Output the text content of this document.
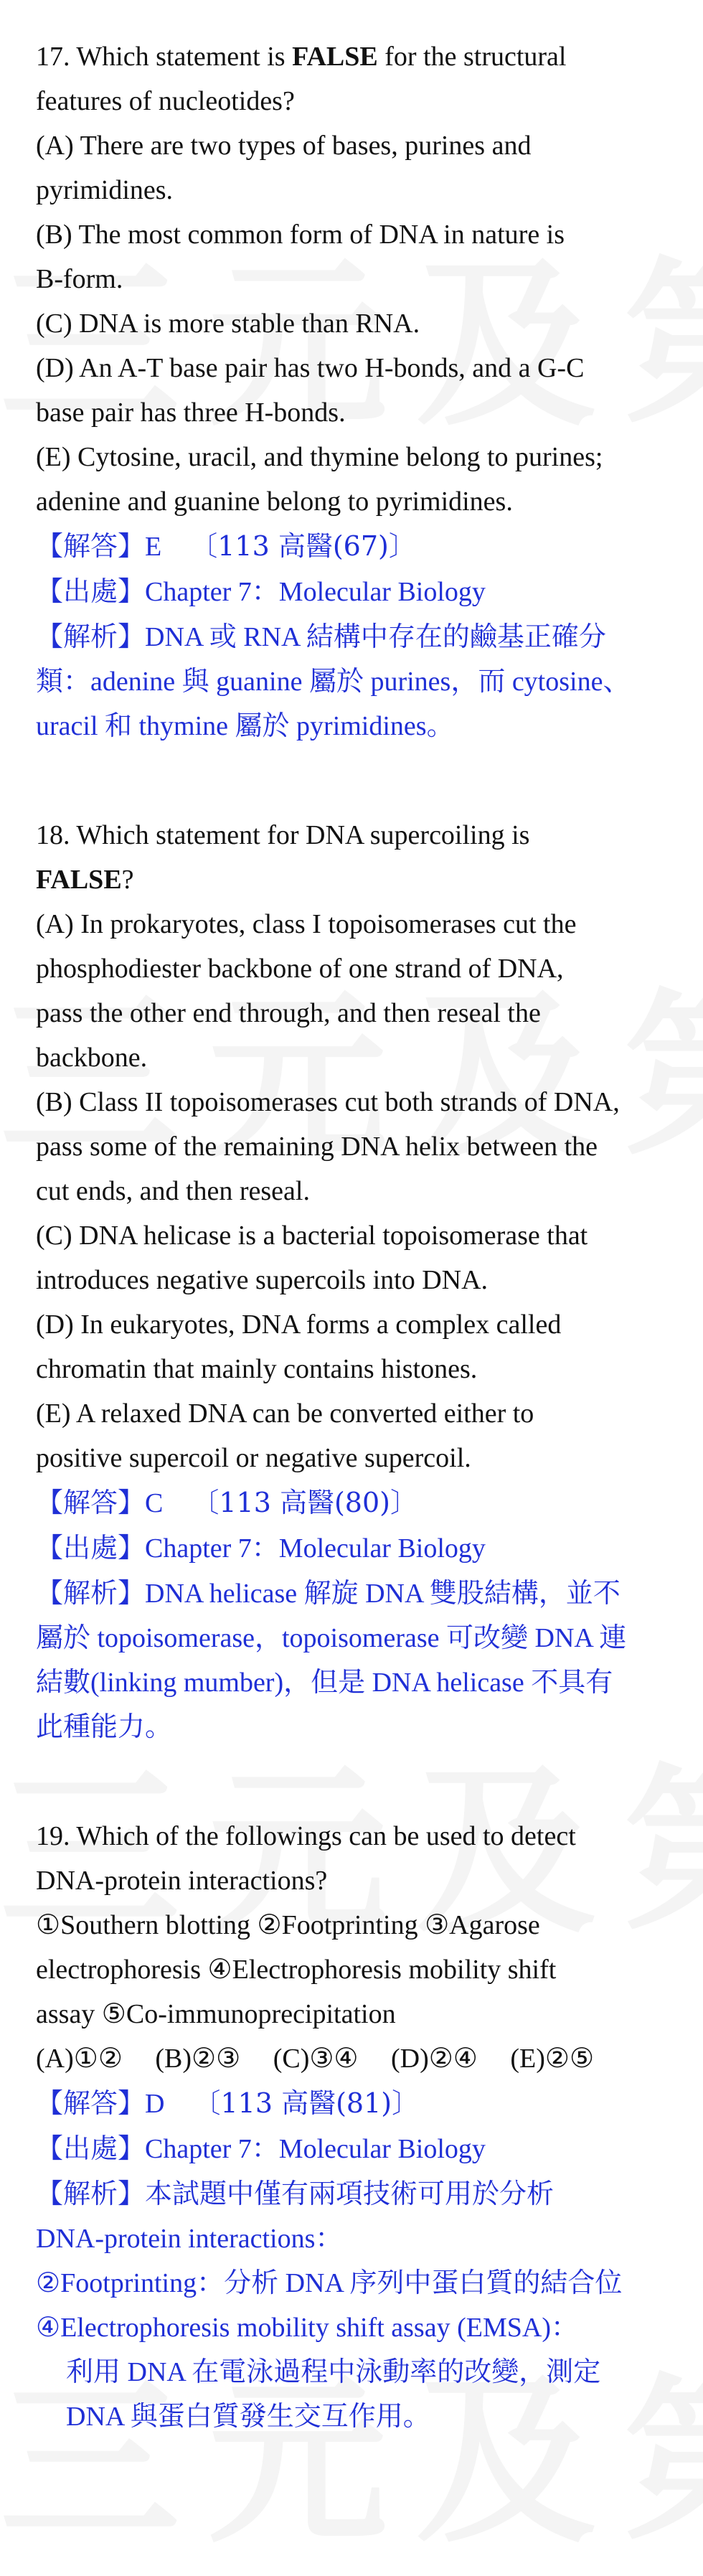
17. Which statement is FALSE for the structural

features of nucleotides?

(A) There are two types of bases, purines and

pyrimidines.

(B) The most common form of DNA in nature is

B-form.

(C) DNA is more stable than RNA.

(D) An A-T base pair has two H-bonds, and a G-C

base pair has three H-bonds.

(E) Cytosine, uracil, and thymine belong to purines;

adenine and guanine belong to pyrimidines.

【解答】E 〔113 高醫(67)〕

【出處】Chapter 7：Molecular Biology

【解析】DNA 或 RNA 結構中存在的鹼基正確分

類：adenine 與 guanine 屬於 purines，而 cytosine、

uracil 和 thymine 屬於 pyrimidines。

18. Which statement for DNA supercoiling is

FALSE?

(A) In prokaryotes, class I topoisomerases cut the

phosphodiester backbone of one strand of DNA,

pass the other end through, and then reseal the

backbone.

(B) Class II topoisomerases cut both strands of DNA,

pass some of the remaining DNA helix between the

cut ends, and then reseal.

(C) DNA helicase is a bacterial topoisomerase that

introduces negative supercoils into DNA.

(D) In eukaryotes, DNA forms a complex called

chromatin that mainly contains histones.

(E) A relaxed DNA can be converted either to

positive supercoil or negative supercoil.

【解答】C 〔113 高醫(80)〕

【出處】Chapter 7：Molecular Biology

【解析】DNA helicase 解旋 DNA 雙股結構，並不

屬於 topoisomerase，topoisomerase 可改變 DNA 連

結數(linking mumber)，但是 DNA helicase 不具有

此種能力。

19. Which of the followings can be used to detect

DNA-protein interactions?

①Southern blotting ②Footprinting ③Agarose

electrophoresis ④Electrophoresis mobility shift

assay ⑤Co-immunoprecipitation

(A)①② (B)②③ (C)③④ (D)②④ (E)②⑤

【解答】D 〔113 高醫(81)〕

【出處】Chapter 7：Molecular Biology

【解析】本試題中僅有兩項技術可用於分析

DNA-protein interactions：

②Footprinting：分析 DNA 序列中蛋白質的結合位

④Electrophoresis mobility shift assay (EMSA)：

利用 DNA 在電泳過程中泳動率的改變，測定

DNA 與蛋白質發生交互作用。
